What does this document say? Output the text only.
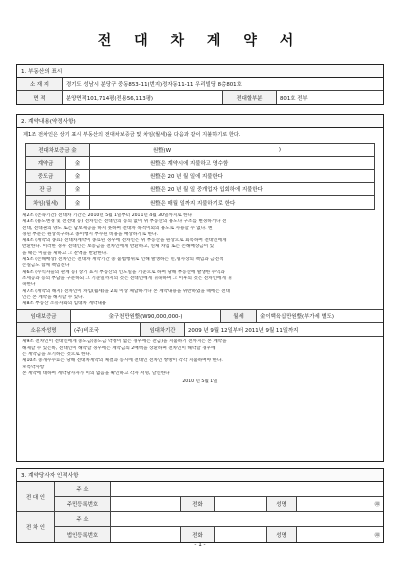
전 대 차 계 약 서
1. 부동산의 표시
소 재 지	경기도 성남시 분당구 중동853-11(번지)정자동11-11 우리빌딩 8층801호
면 적	분양면적101,714평(전용56,113평)	전대할부분	801호 전부
2. 계약내용(약정사항)
제1조 전차인은 상기 표시 부동산의 전대차보증금 및 차임(월세)을 다음과 같이 지불하기로 한다.
전대차보증금 金	원整(W	)
계약금	金	원整은 계약시에 지불하고 영수함
중도금	金	원整은 20 년 월 일에 지불한다
잔 금	金	원整은 20 년 월 일 중개업자 입회하에 지불한다
차임(월세)	金	원整은 매월 일까지 지불하기로 한다
제2조 (존속기간) 전대차 기간은 2010년 5월 1일부터 2011년 4월 30일까지로 한다
제3조 (용도변경 및 전전대 등) 전차인은 전대인의 동의 없이 위 부동산의 용도나 구조를 변경하거나 전
전대, 전대권의 양도 또는 담보제공을 하지 못하며 전대차 목적이외의 용도로 사용할 수 없다. 변
경된 부분은 원상복구하고 종이행시 부수된 비용을 배상하기로 한다.
제4조 (계약의 종료) 전대차계약이 종료된 경우에 전차인은 위 부동산을 원상으로 회복하여 전대인에게
반환한다. 이러한 경우 전대인은 보증금을 전차인에게 반환하고, 연체 차임 또는 손해배상금이 있
을 때는 이들을 제하고 그 잔액을 반환한다.
제5조 (손해배상) 전차인은 전대차 계약기간 중 불법행위로 인해 발생하는 민,형사상의 책임과 금전적
손실금도 함께 책임진다
제6조 (수익자들의 관계 등) 상기 표시 부동산의 인도일을 기준으로 하여 당해 부동산에 발생한 수익과
조세공과 등의 부담을 구분하되 그 기준일까지의 것은 전대인에게 귀속하며 그 이후의 것은 전차인에게 귀
속한다
제7조 (계약의 해지) 전차인이 차임(월세)을 2회 이상 체납하거나 본 계약내용을 위반하였을 때에는 전대
인은 본 계약을 해지할 수 있다.
제8조 부동산 소유자와의 임대차 계약내용
임대보증금	金구천만원整(W90,000,000-)	월세	金이백육십만원整(부가세 별도)
소유자성명	(주)비조국	임대차기간	2009 년 9월 12일부터 2011년 9월 11일까지
제9조 전차인이 전대인에게 중도금(중도금 약정이 없는 경우에는 잔금)을 지불하기 전까지는 본 계약을
해제할 수 있는바, 전대인이 해약할 경우에는 계약금의 2배액을 상환하며 전차인이 해약할 경우에
는 계약금을 포기하는 것으로 한다.
제10조 중개수수료는 당해 전대차계약의 체결과 동시에 전대인 전차인 쌍방이 각각 지불하여야 한다.
＊특약사항
본 계약에 대하여 계약당사자가 이의 없음을 확인하고 각자 서명, 날인한다
2010 년 5월 1일
3. 계약당사자 인적사항
전 대 인
주 소
주민등록번호	전화	성명	㊞
전 차 인
주 소
법인등록번호	전화	성명	㊞
- 1 -
